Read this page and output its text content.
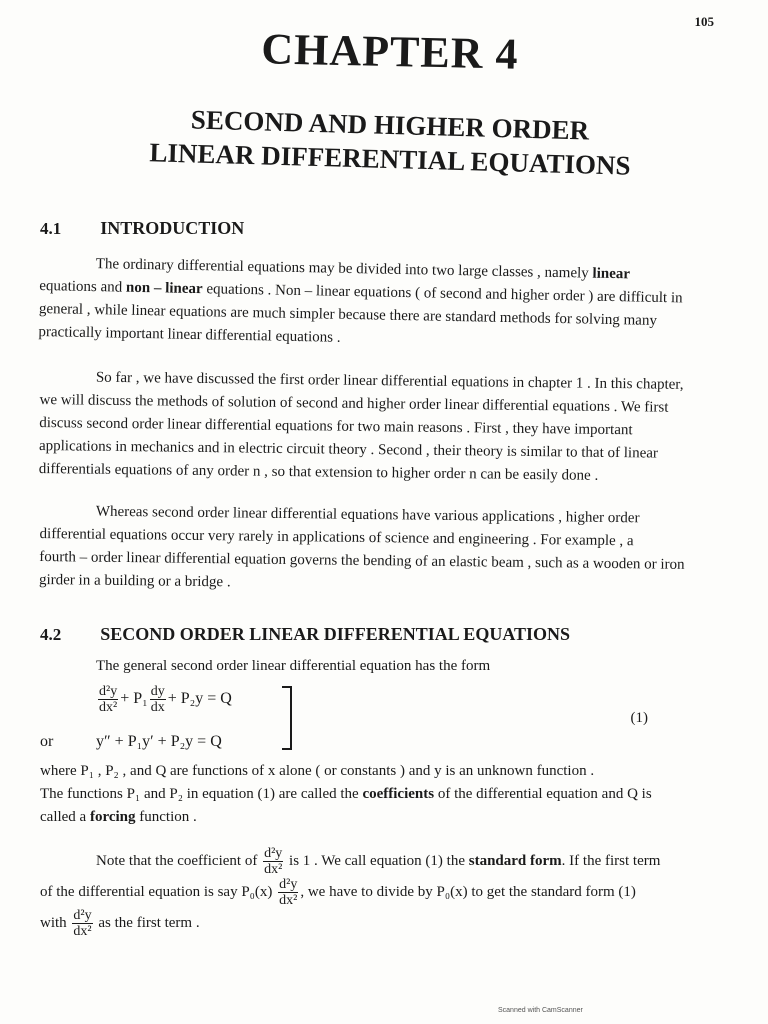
105
CHAPTER 4
SECOND AND HIGHER ORDER
LINEAR DIFFERENTIAL EQUATIONS
4.1 INTRODUCTION
The ordinary differential equations may be divided into two large classes , namely linear
equations and non – linear equations . Non – linear equations ( of second and higher order ) are difficult in
general , while linear equations are much simpler because there are standard methods for solving many
practically important linear differential equations .
So far , we have discussed the first order linear differential equations in chapter 1 . In this chapter,
we will discuss the methods of solution of second and higher order linear differential equations . We first
discuss second order linear differential equations for two main reasons . First , they have important
applications in mechanics and in electric circuit theory . Second , their theory is similar to that of linear
differentials equations of any order n , so that extension to higher order n can be easily done .
Whereas second order linear differential equations have various applications , higher order
differential equations occur very rarely in applications of science and engineering . For example , a
fourth – order linear differential equation governs the bending of an elastic beam , such as a wooden or iron
girder in a building or a bridge .
4.2 SECOND ORDER LINEAR DIFFERENTIAL EQUATIONS
The general second order linear differential equation has the form
$\frac{\text{d²y}}{\text{dx²}} + P_1 \frac{dy}{dx} + P_2y = Q$
or	y″ + P₁y′ + P₂y = Q
(1)
where P₁ , P₂ , and Q are functions of x alone ( or constants ) and y is an unknown function .
The functions P₁ and P₂ in equation (1) are called the coefficients of the differential equation and Q is
called a forcing function .
Note that the coefficient of $\frac{\text{d²y}}{\text{dx²}}$ is 1 . We call equation (1) the standard form. If the first term
of the differential equation is say $P_0(x) \frac{\text{d²y}}{\text{dx²}}$ , we have to divide by P₀(x) to get the standard form (1)
with $\frac{\text{d²y}}{\text{dx²}}$ as the first term .
Scanned with CamScanner
